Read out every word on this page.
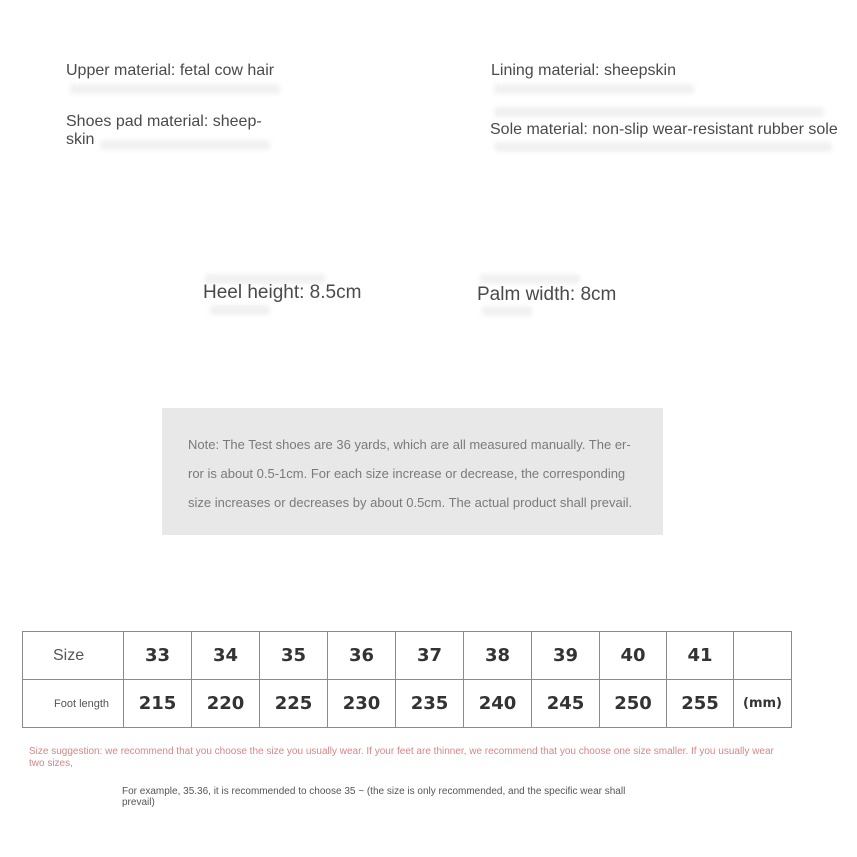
Upper material: fetal cow hair	Lining material: sheepskin
Shoes pad material: sheep-
skin
Sole material: non-slip wear-resistant rubber sole
Heel height: 8.5cm	Palm width: 8cm
Note: The Test shoes are 36 yards, which are all measured manually. The er-
ror is about 0.5-1cm. For each size increase or decrease, the corresponding
size increases or decreases by about 0.5cm. The actual product shall prevail.
Size	33	34	35	36	37	38	39	40	41	
Foot length	215	220	225	230	235	240	245	250	255	(mm)
Size suggestion: we recommend that you choose the size you usually wear. If your feet are thinner, we recommend that you choose one size smaller. If you usually wear two sizes,
For example, 35.36, it is recommended to choose 35 ~ (the size is only recommended, and the specific wear shall prevail)
